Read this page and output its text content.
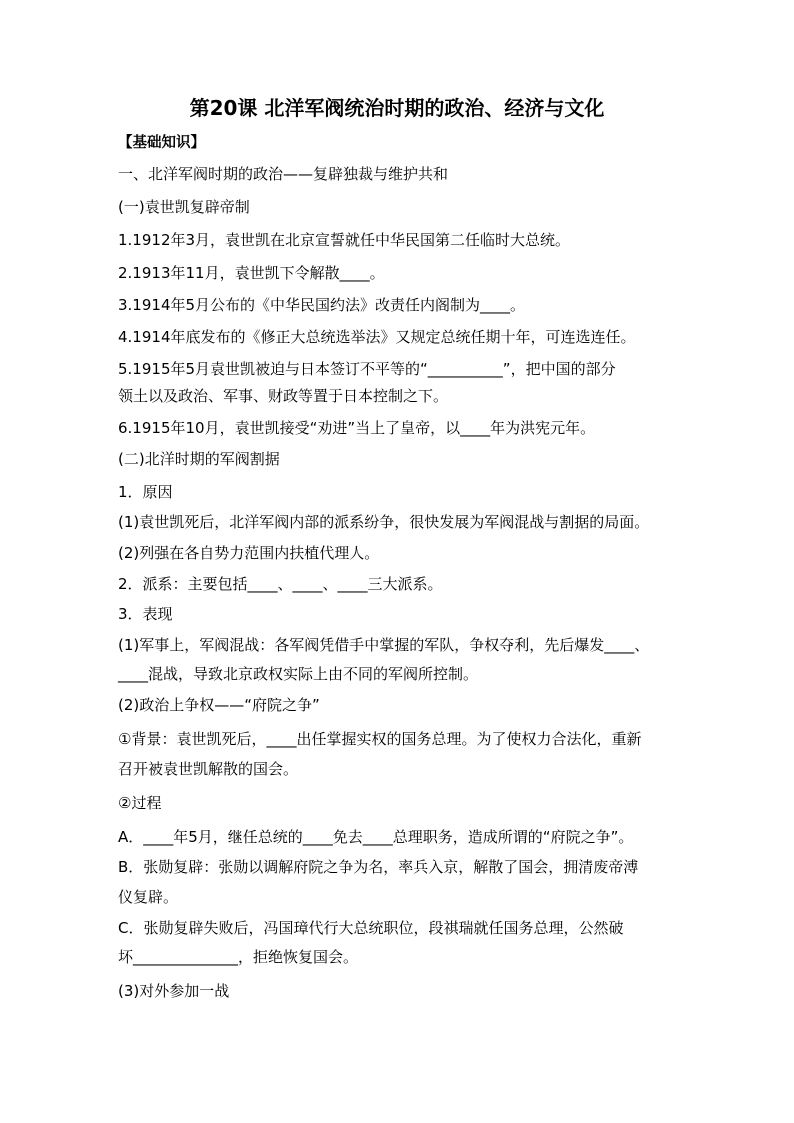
第20课 北洋军阀统治时期的政治、经济与文化
【基础知识】
一、北洋军阀时期的政治——复辟独裁与维护共和
(一)袁世凯复辟帝制
1.1912年3月，袁世凯在北京宣誓就任中华民国第二任临时大总统。
2.1913年11月，袁世凯下令解散____。
3.1914年5月公布的《中华民国约法》改责任内阁制为____。
4.1914年底发布的《修正大总统选举法》又规定总统任期十年，可连选连任。
5.1915年5月袁世凯被迫与日本签订不平等的“__________”，把中国的部分
领土以及政治、军事、财政等置于日本控制之下。
6.1915年10月，袁世凯接受“劝进”当上了皇帝，以____年为洪宪元年。
(二)北洋时期的军阀割据
1．原因
(1)袁世凯死后，北洋军阀内部的派系纷争，很快发展为军阀混战与割据的局面。
(2)列强在各自势力范围内扶植代理人。
2．派系：主要包括____、____、____三大派系。
3．表现
(1)军事上，军阀混战：各军阀凭借手中掌握的军队，争权夺利，先后爆发____、
____混战，导致北京政权实际上由不同的军阀所控制。
(2)政治上争权——“府院之争”
①背景：袁世凯死后，____出任掌握实权的国务总理。为了使权力合法化，重新
召开被袁世凯解散的国会。
②过程
A．____年5月，继任总统的____免去____总理职务，造成所谓的“府院之争”。
B．张勋复辟：张勋以调解府院之争为名，率兵入京，解散了国会，拥清废帝溥
仪复辟。
C．张勋复辟失败后，冯国璋代行大总统职位，段祺瑞就任国务总理，公然破
坏______________，拒绝恢复国会。
(3)对外参加一战
